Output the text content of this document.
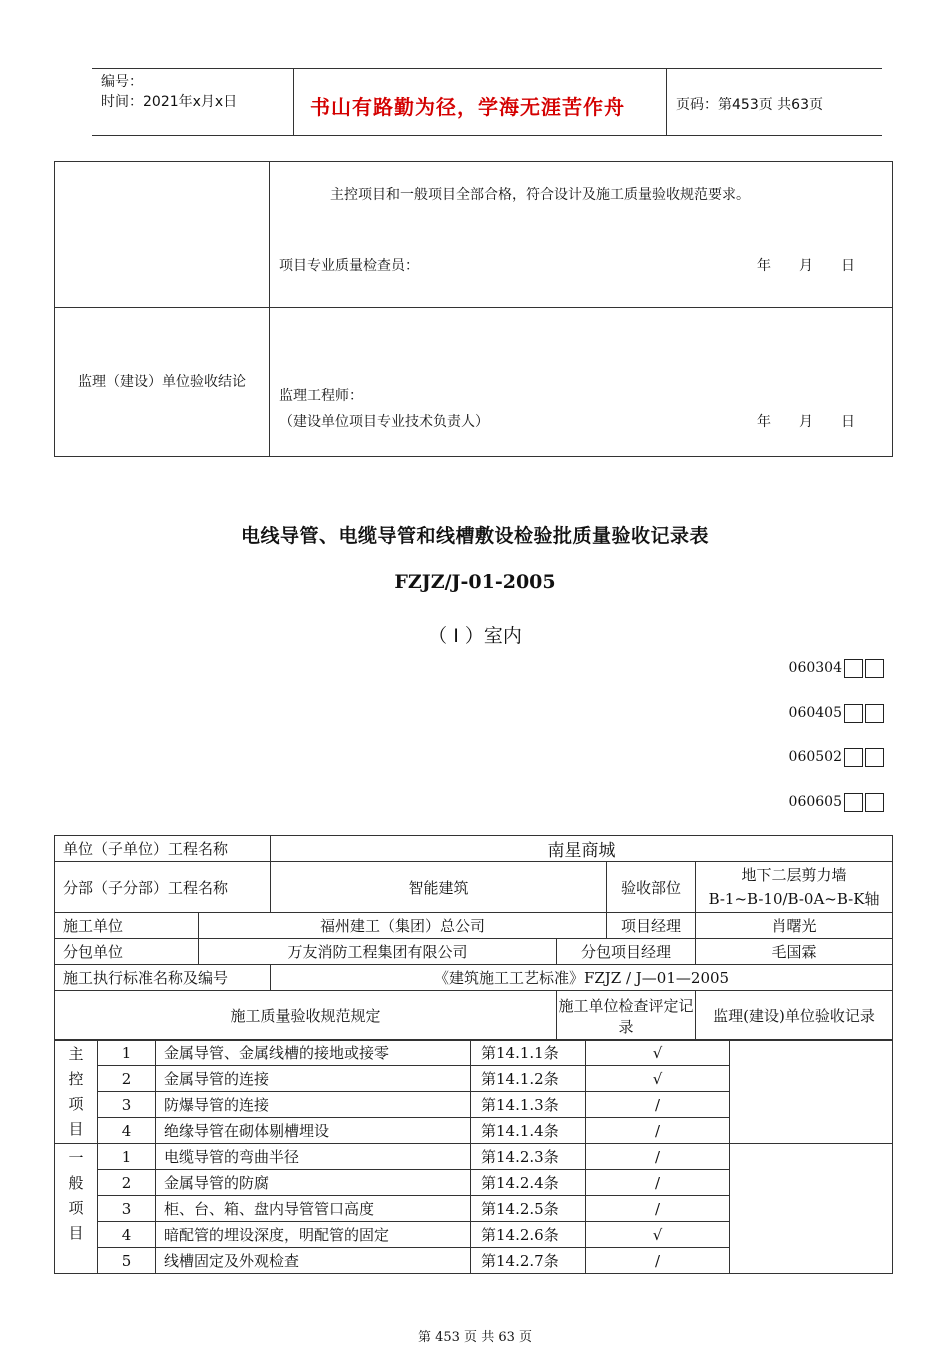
编号：
时间：2021年x月x日	书山有路勤为径，学海无涯苦作舟	页码：第453页 共63页

	主控项目和一般项目全部合格，符合设计及施工质量验收规范要求。
项目专业质量检查员： 年　　月　　日

监理（建设）单位验收结论	监理工程师：
（建设单位项目专业技术负责人） 年　　月　　日
电线导管、电缆导管和线槽敷设检验批质量验收记录表
FZJZ/J-01-2005
（ I ）室内
060304
060405
060502
060605
单位（子单位）工程名称		南星商城			
分部（子分部）工程名称		智能建筑		验收部位	地下二层剪力墙
B-1~B-10/B-0A~B-K轴

施工单位	福州建工（集团）总公司			项目经理	肖曙光
分包单位	万友消防工程集团有限公司		分包项目经理		毛国霖
施工执行标准名称及编号		《建筑施工工艺标准》FZJZ / J—01—2005			
施工质量验收规范规定			施工单位检查评定记录		监理(建设)单位验收记录
主
控
项
目	1	金属导管、金属线槽的接地或接零	第14.1.1条	√	
	2	金属导管的连接	第14.1.2条	√	
	3	防爆导管的连接	第14.1.3条	/	
	4	绝缘导管在砌体剔槽埋设	第14.1.4条	/	

一
般
项
目	1	电缆导管的弯曲半径	第14.2.3条	/	
	2	金属导管的防腐	第14.2.4条	/	
	3	柜、台、箱、盘内导管管口高度	第14.2.5条	/	
	4	暗配管的埋设深度，明配管的固定	第14.2.6条	√	
	5	线槽固定及外观检查	第14.2.7条	/	
第 453 页 共 63 页
